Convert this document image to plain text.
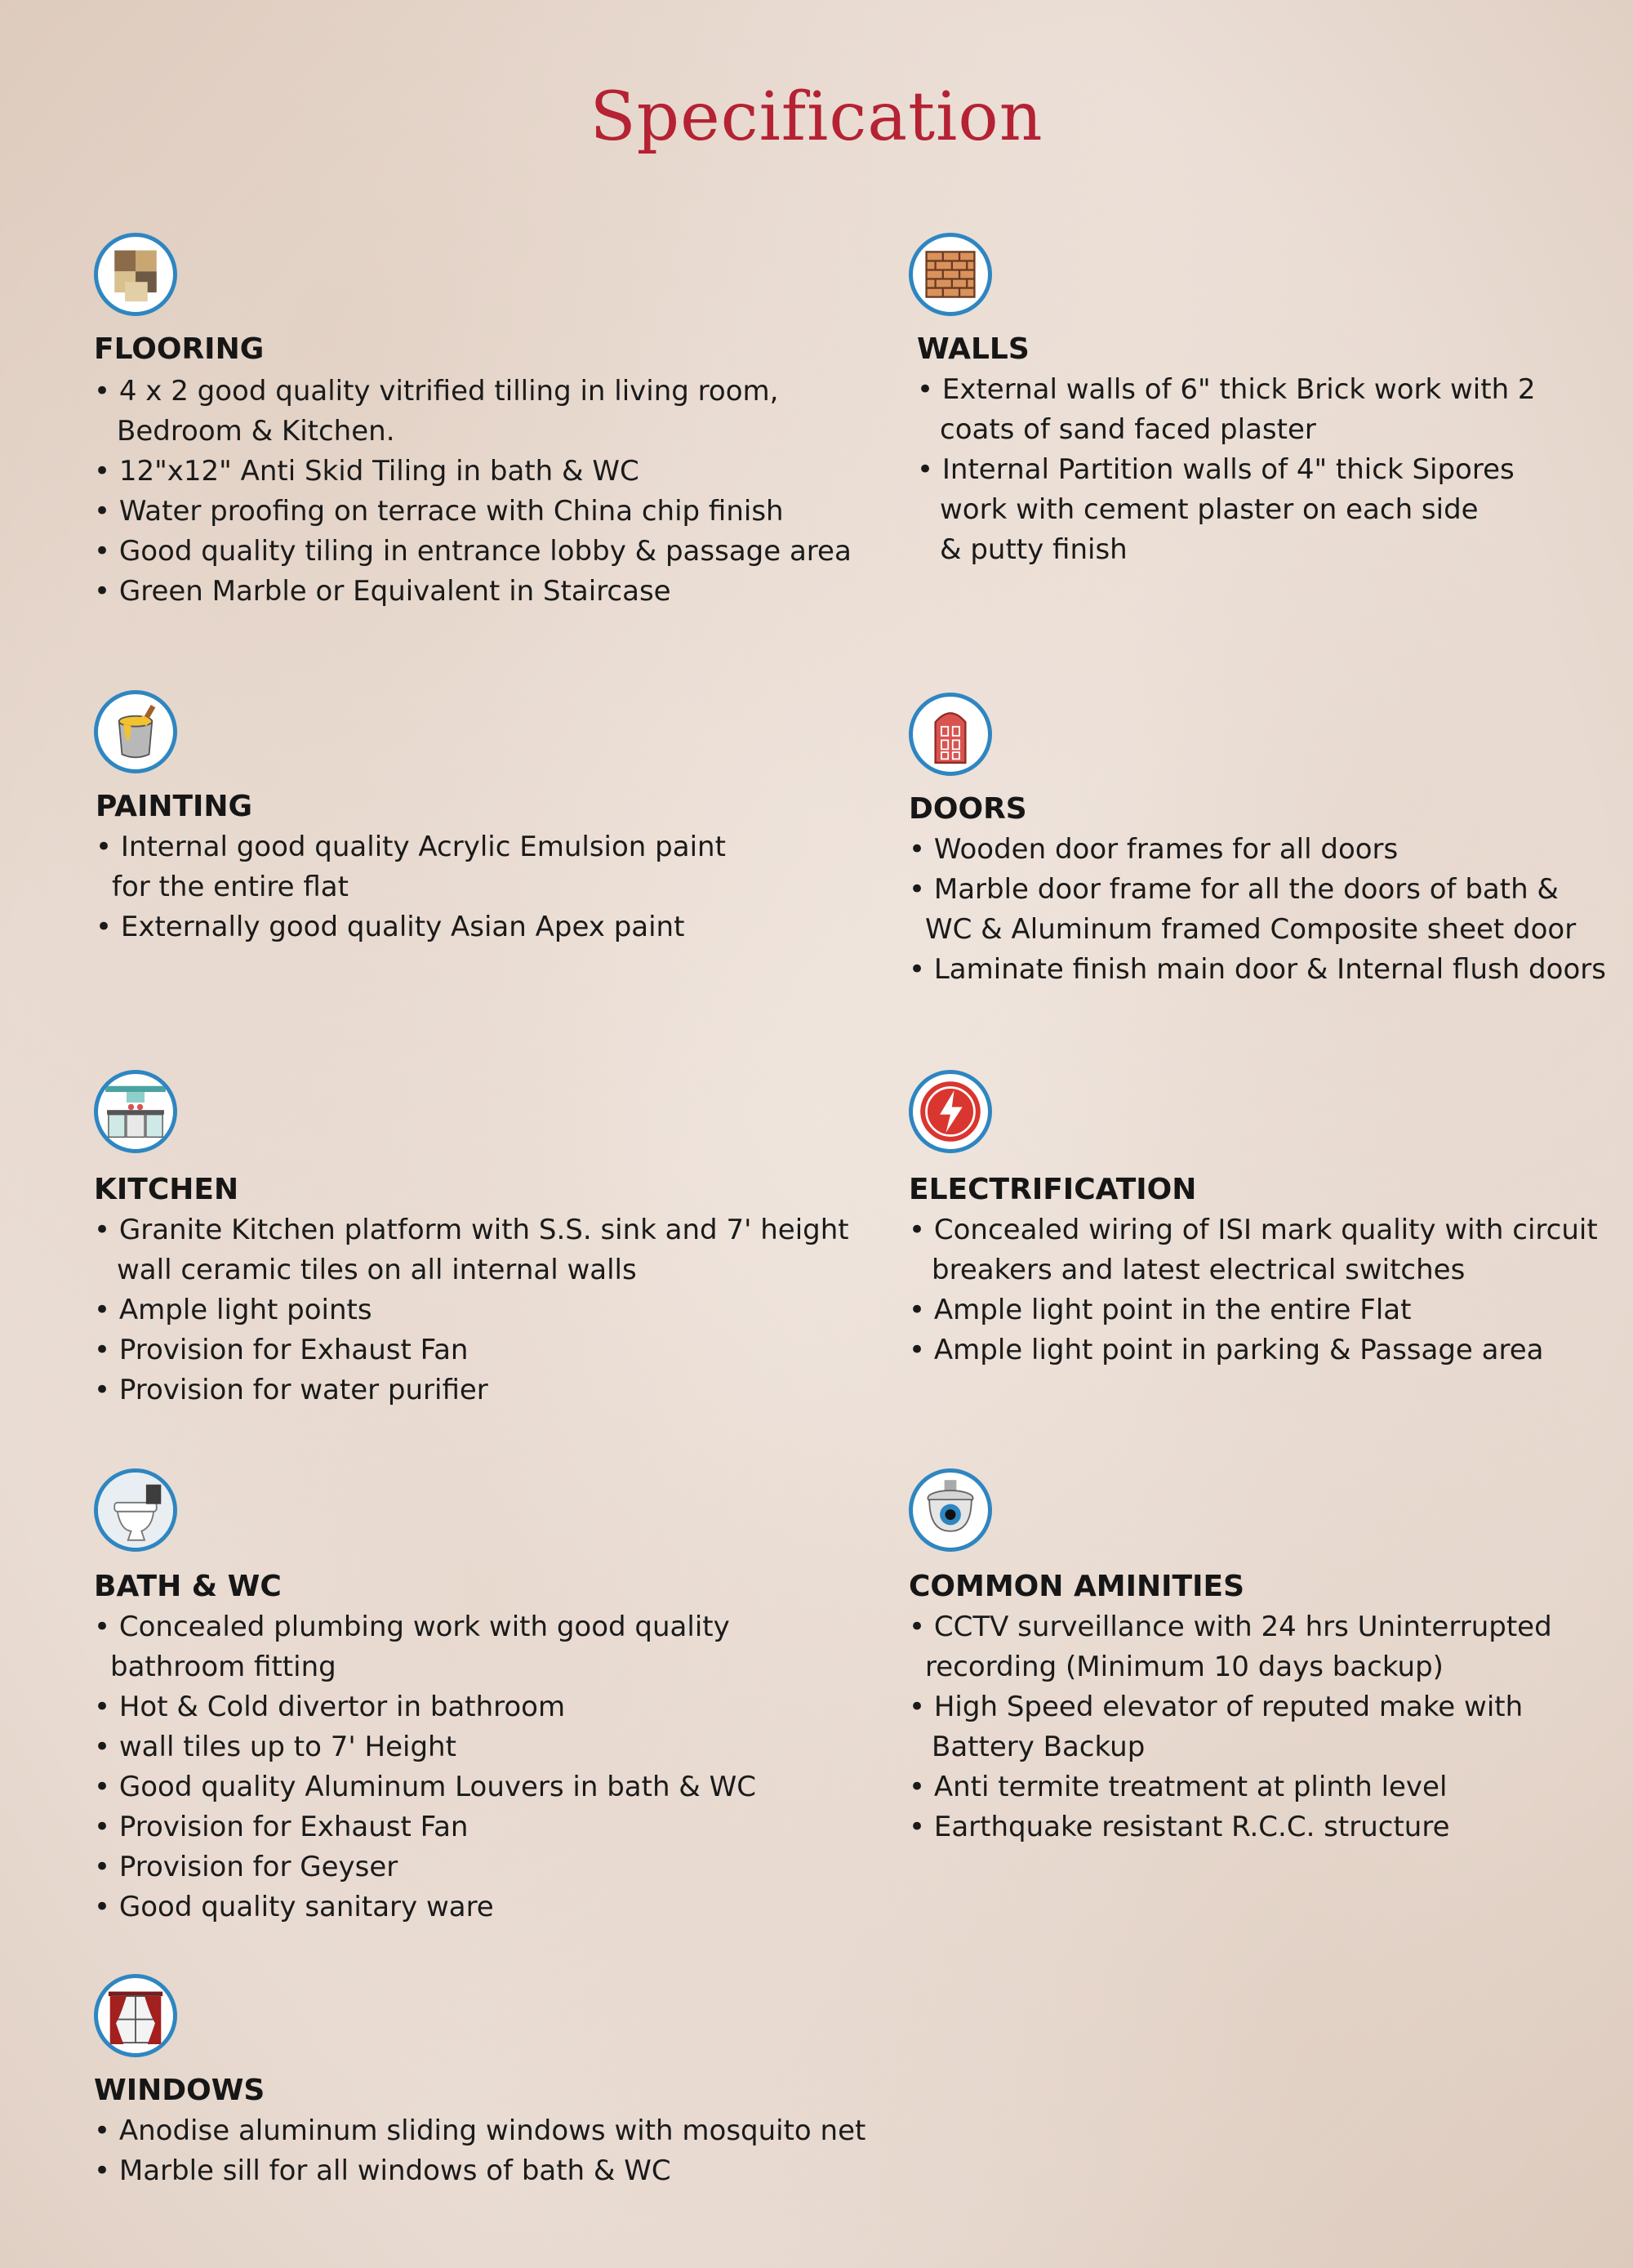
Specification
FLOORING
• 4 x 2 good quality vitrified tilling in living room,
Bedroom & Kitchen.
• 12"x12" Anti Skid Tiling in bath & WC
• Water proofing on terrace with China chip finish
• Good quality tiling in entrance lobby & passage area
• Green Marble or Equivalent in Staircase
WALLS
• External walls of 6" thick Brick work with 2
coats of sand faced plaster
• Internal Partition walls of 4" thick Sipores
work with cement plaster on each side
& putty finish
PAINTING
• Internal good quality Acrylic Emulsion paint
for the entire flat
• Externally good quality Asian Apex paint
DOORS
• Wooden door frames for all doors
• Marble door frame for all the doors of bath &
WC & Aluminum framed Composite sheet door
• Laminate finish main door & Internal flush doors
KITCHEN
• Granite Kitchen platform with S.S. sink and 7' height
wall ceramic tiles on all internal walls
• Ample light points
• Provision for Exhaust Fan
• Provision for water purifier
ELECTRIFICATION
• Concealed wiring of ISI mark quality with circuit
breakers and latest electrical switches
• Ample light point in the entire Flat
• Ample light point in parking & Passage area
BATH & WC
• Concealed plumbing work with good quality
bathroom fitting
• Hot & Cold divertor in bathroom
• wall tiles up to 7' Height
• Good quality Aluminum Louvers in bath & WC
• Provision for Exhaust Fan
• Provision for Geyser
• Good quality sanitary ware
COMMON AMINITIES
• CCTV surveillance with 24 hrs Uninterrupted
recording (Minimum 10 days backup)
• High Speed elevator of reputed make with
Battery Backup
• Anti termite treatment at plinth level
• Earthquake resistant R.C.C. structure
WINDOWS
• Anodise aluminum sliding windows with mosquito net
• Marble sill for all windows of bath & WC
